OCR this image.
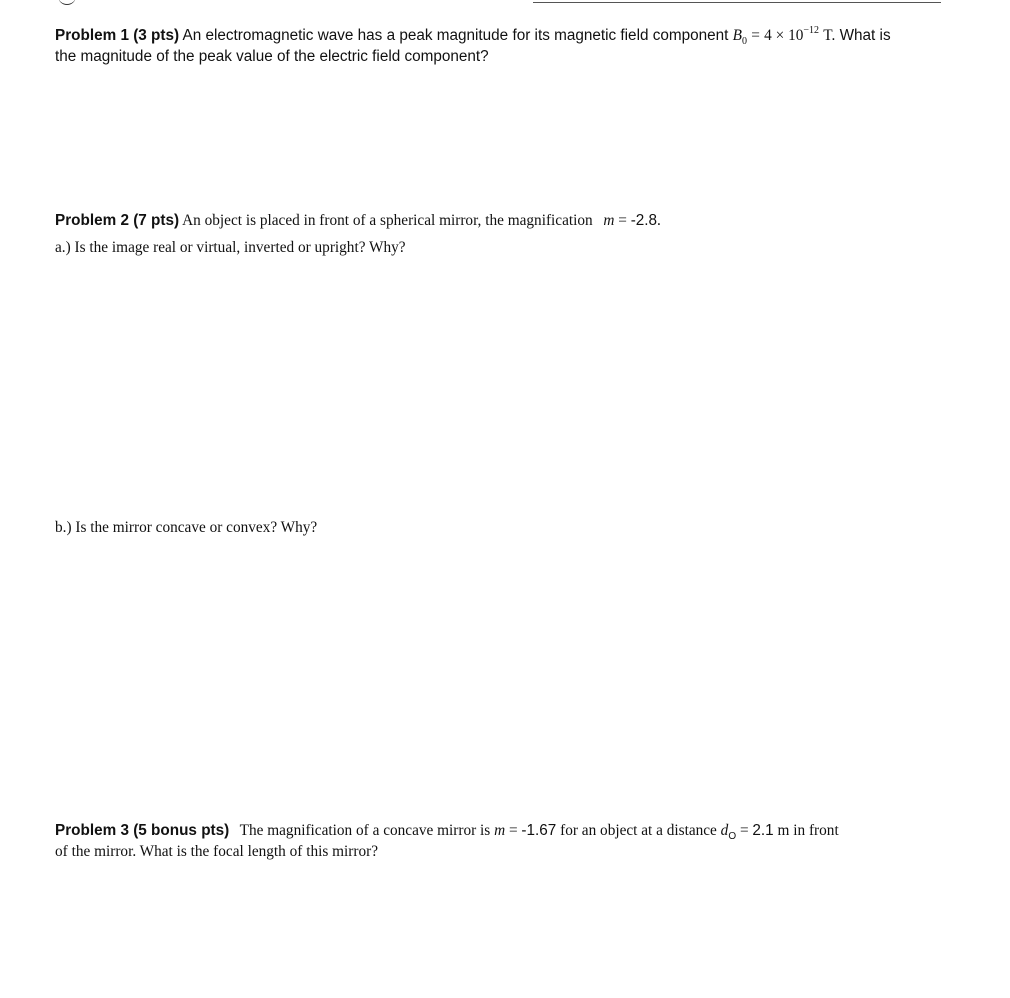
Problem 1 (3 pts) An electromagnetic wave has a peak magnitude for its magnetic field component $B_0 = 4 \times 10^{-12}$ T. What is
the magnitude of the peak value of the electric field component?
Problem 2 (7 pts) An object is placed in front of a spherical mirror, the magnification m = -2.8.
a.) Is the image real or virtual, inverted or upright? Why?
b.) Is the mirror concave or convex? Why?
Problem 3 (5 bonus pts) The magnification of a concave mirror is m = -1.67 for an object at a distance $d_O = 2.1$ m in front
of the mirror. What is the focal length of this mirror?
